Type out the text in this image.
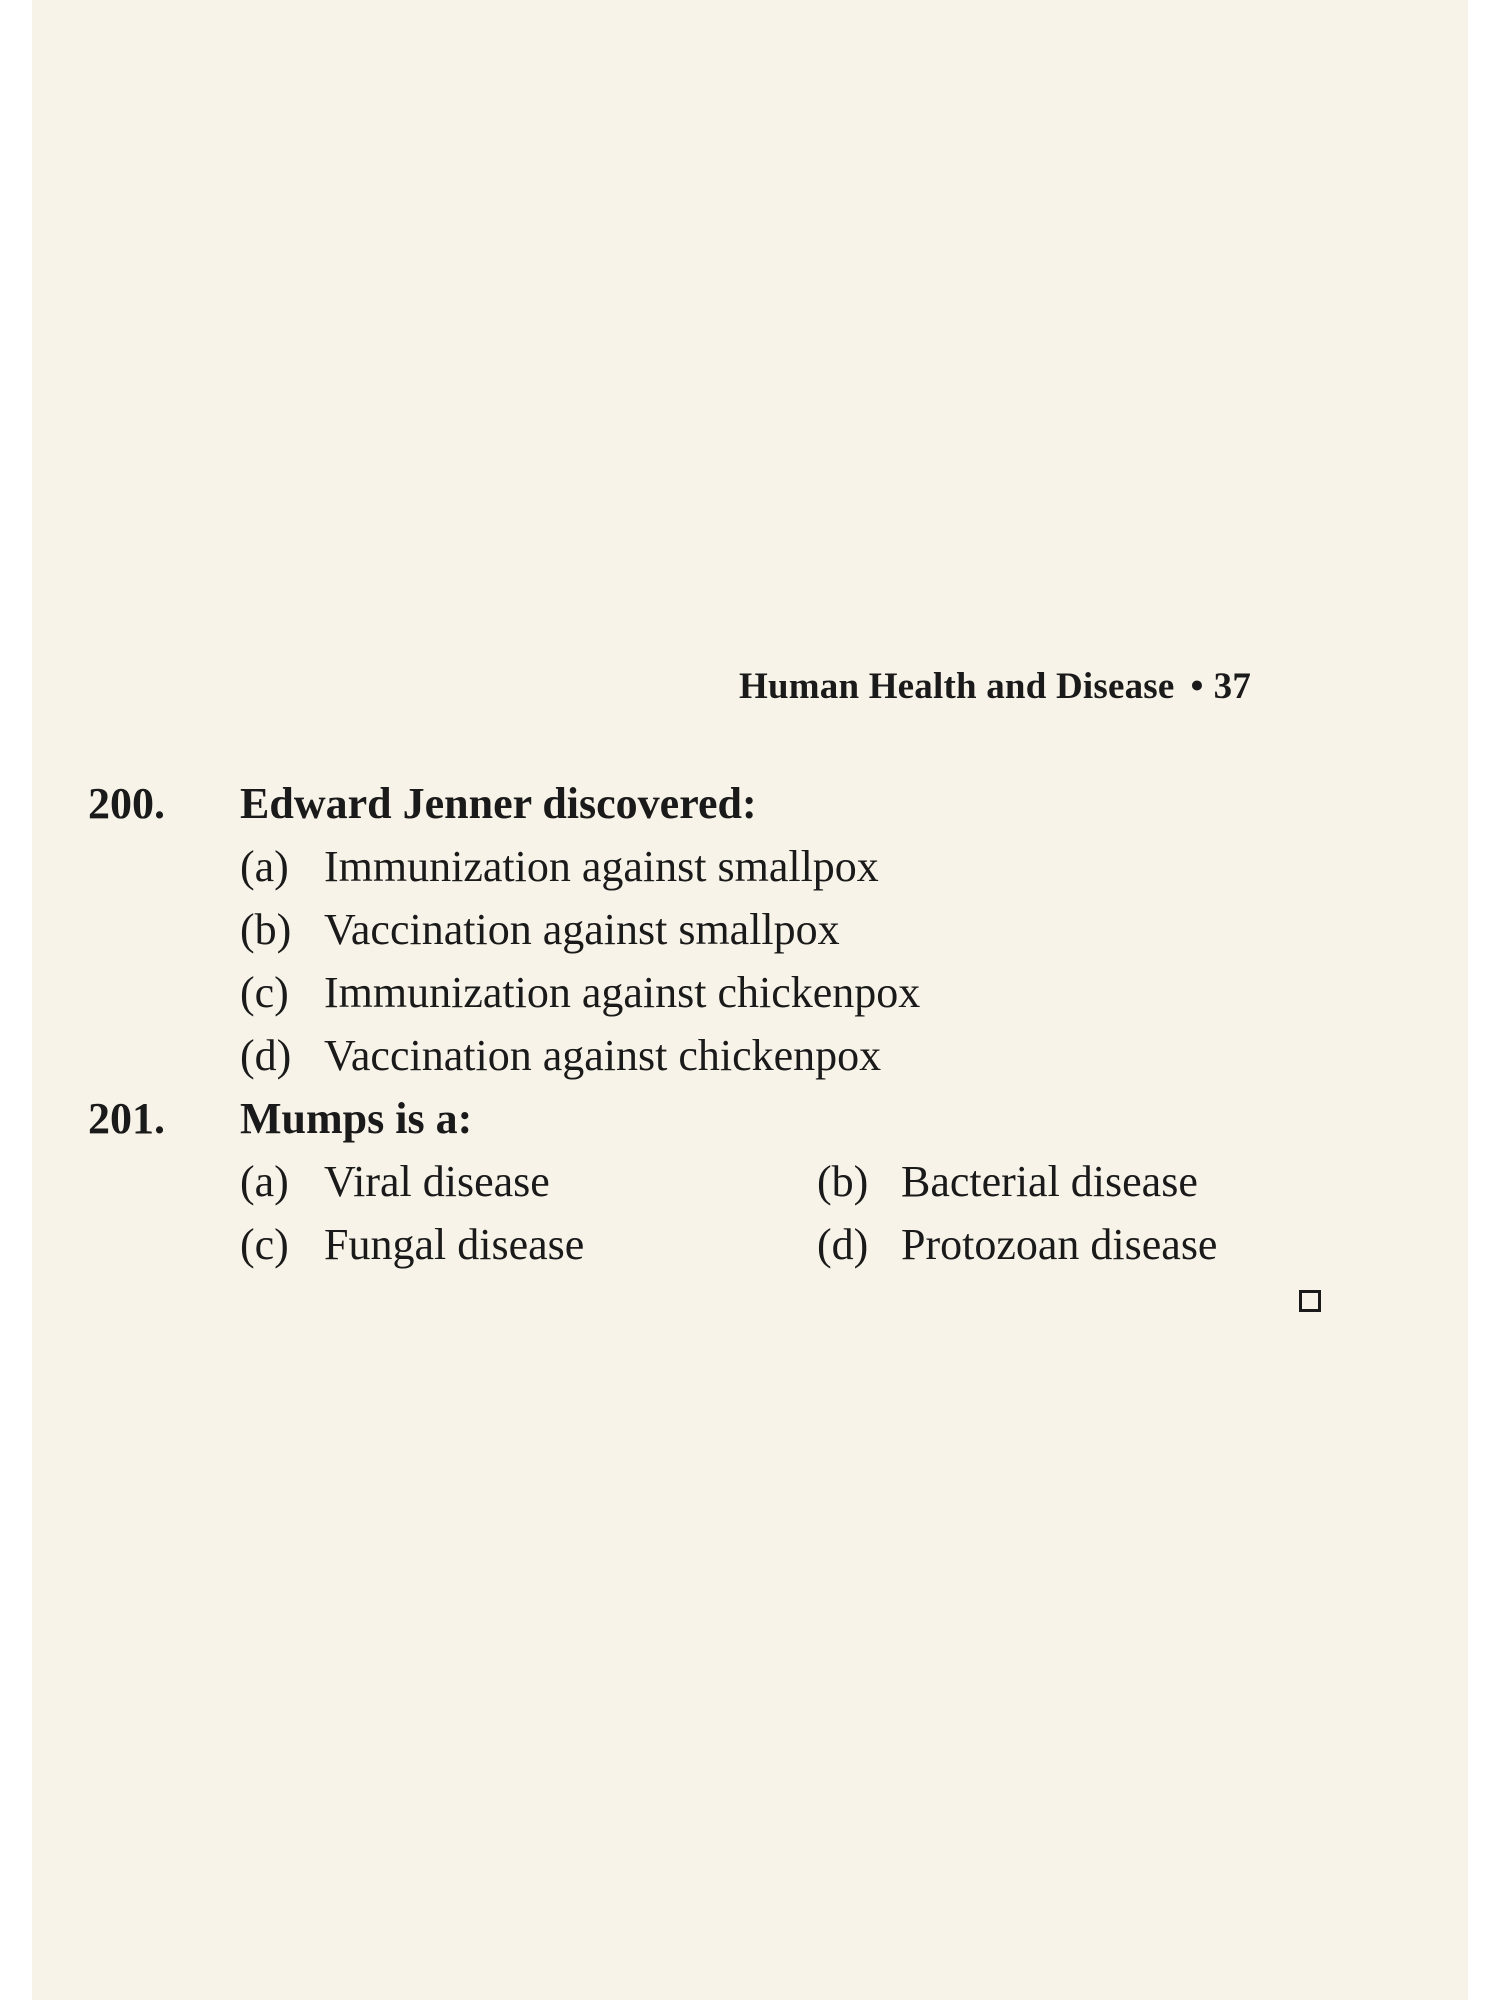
Human Health and Disease • 37
200. Edward Jenner discovered:
(a) Immunization against smallpox
(b) Vaccination against smallpox
(c) Immunization against chickenpox
(d) Vaccination against chickenpox
201. Mumps is a:
(a) Viral disease	(b) Bacterial disease
(c) Fungal disease	(d) Protozoan disease
